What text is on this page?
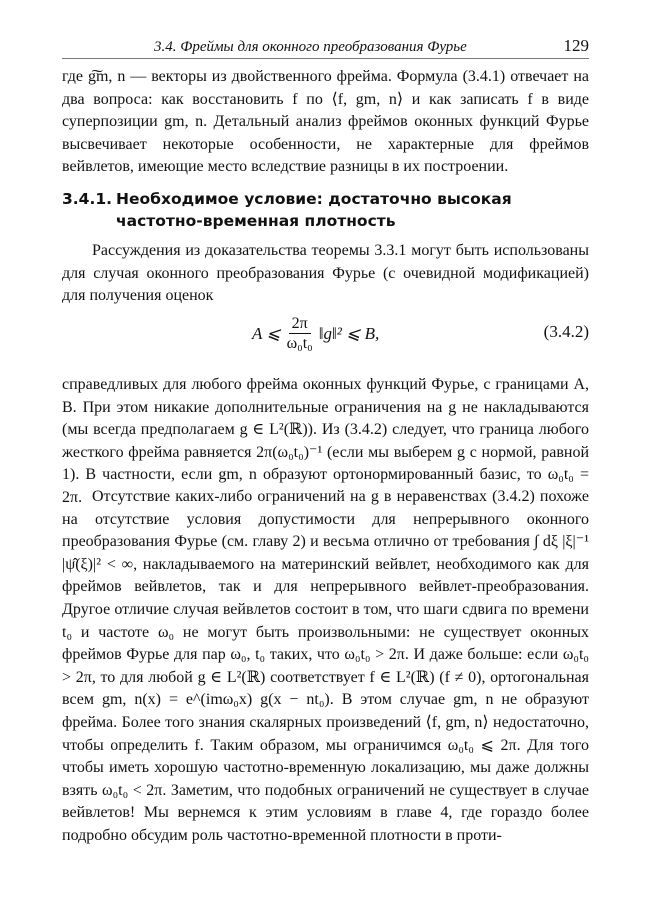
3.4. Фреймы для оконного преобразования Фурье	129
где g͠m, n — векторы из двойственного фрейма. Формула (3.4.1) отвечает на два вопроса: как восстановить f по ⟨f, gm, n⟩ и как записать f в виде суперпозиции gm, n. Детальный анализ фреймов оконных функций Фурье высвечивает некоторые особенности, не характерные для фреймов вейвлетов, имеющие место вследствие разницы в их построении.
3.4.1. Необходимое условие: достаточно высокая
частотно-временная плотность
Рассуждения из доказательства теоремы 3.3.1 могут быть использованы для случая оконного преобразования Фурье (с очевидной модификацией) для получения оценок
A ⩽ $\frac{2\pi}{\text{ω₀t₀}}$ ‖g‖² ⩽ B,	(3.4.2)
справедливых для любого фрейма оконных функций Фурье, с границами A, B. При этом никакие дополнительные ограничения на g не накладываются (мы всегда предполагаем g ∈ L²(ℝ)). Из (3.4.2) следует, что граница любого жесткого фрейма равняется 2π(ω₀t₀)⁻¹ (если мы выберем g с нормой, равной 1). В частности, если gm, n образуют ортонормированный базис, то ω₀t₀ = 2π. Отсутствие каких-либо ограничений на g в неравенствах (3.4.2) похоже на отсутствие условия допустимости для непрерывного оконного преобразования Фурье (см. главу 2) и весьма отлично от требования ∫ dξ |ξ|⁻¹ |ψ̂(ξ)|² < ∞, накладываемого на материнский вейвлет, необходимого как для фреймов вейвлетов, так и для непрерывного вейвлет-преобразования. Другое отличие случая вейвлетов состоит в том, что шаги сдвига по времени t₀ и частоте ω₀ не могут быть произвольными: не существует оконных фреймов Фурье для пар ω₀, t₀ таких, что ω₀t₀ > 2π. И даже больше: если ω₀t₀ > 2π, то для любой g ∈ L²(ℝ) соответствует f ∈ L²(ℝ) (f ≠ 0), ортогональная всем gm, n(x) = e^(imω₀x) g(x − nt₀). В этом случае gm, n не образуют фрейма. Более того знания скалярных произведений ⟨f, gm, n⟩ недостаточно, чтобы определить f. Таким образом, мы ограничимся ω₀t₀ ⩽ 2π. Для того чтобы иметь хорошую частотно-временную локализацию, мы даже должны взять ω₀t₀ < 2π. Заметим, что подобных ограничений не существует в случае вейвлетов! Мы вернемся к этим условиям в главе 4, где гораздо более подробно обсудим роль частотно-временной плотности в проти-
